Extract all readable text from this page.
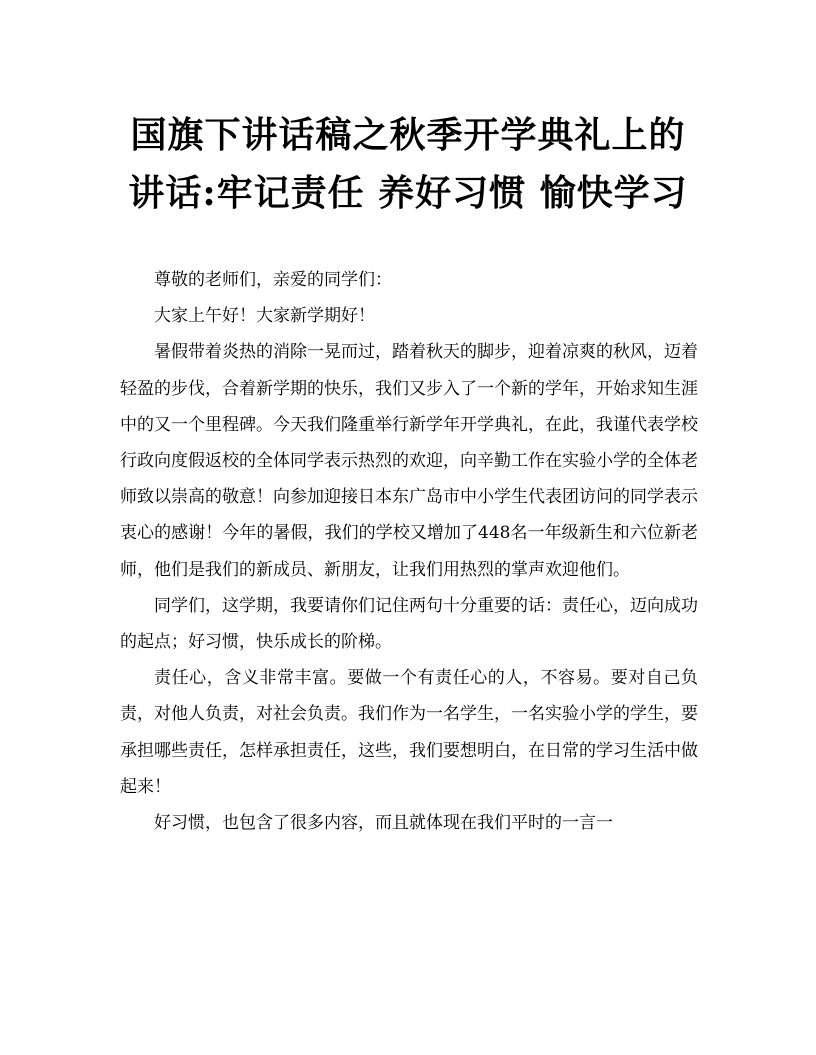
国旗下讲话稿之秋季开学典礼上的讲话:牢记责任 养好习惯 愉快学习

尊敬的老师们，亲爱的同学们：

大家上午好！大家新学期好！

暑假带着炎热的消除一晃而过，踏着秋天的脚步，迎着凉爽的秋风，迈着轻盈的步伐，合着新学期的快乐，我们又步入了一个新的学年，开始求知生涯中的又一个里程碑。今天我们隆重举行新学年开学典礼，在此，我谨代表学校行政向度假返校的全体同学表示热烈的欢迎，向辛勤工作在实验小学的全体老师致以崇高的敬意！向参加迎接日本东广岛市中小学生代表团访问的同学表示衷心的感谢！今年的暑假，我们的学校又增加了448名一年级新生和六位新老师，他们是我们的新成员、新朋友，让我们用热烈的掌声欢迎他们。

同学们，这学期，我要请你们记住两句十分重要的话：责任心，迈向成功的起点；好习惯，快乐成长的阶梯。

责任心，含义非常丰富。要做一个有责任心的人，不容易。要对自己负责，对他人负责，对社会负责。我们作为一名学生，一名实验小学的学生，要承担哪些责任，怎样承担责任，这些，我们要想明白，在日常的学习生活中做起来！

好习惯，也包含了很多内容，而且就体现在我们平时的一言一
